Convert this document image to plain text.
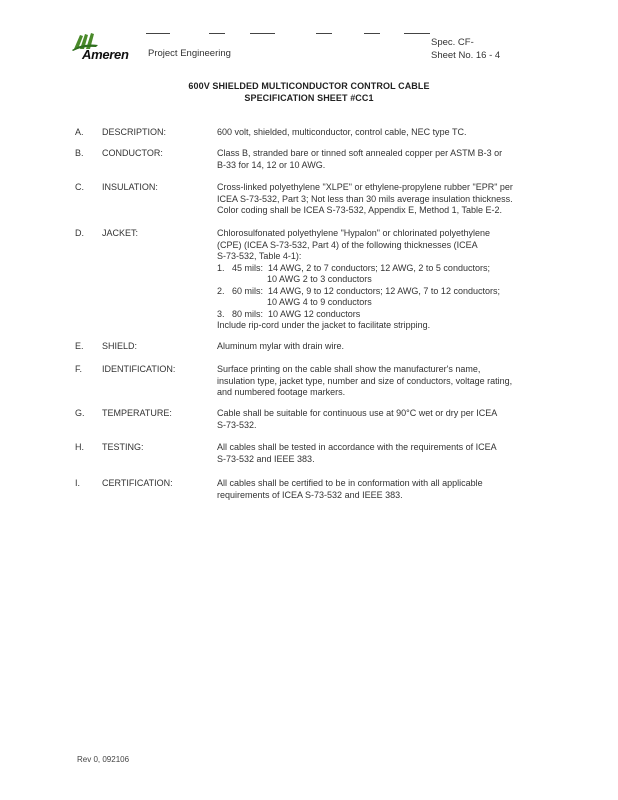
Ameren Project Engineering
Spec. CF-
Sheet No. 16 - 4
600V SHIELDED MULTICONDUCTOR CONTROL CABLE
SPECIFICATION SHEET #CC1
A. DESCRIPTION:	600 volt, shielded, multiconductor, control cable, NEC type TC.
B. CONDUCTOR:	Class B, stranded bare or tinned soft annealed copper per ASTM B-3 or
B-33 for 14, 12 or 10 AWG.
C. INSULATION:	Cross-linked polyethylene "XLPE" or ethylene-propylene rubber "EPR" per
ICEA S-73-532, Part 3; Not less than 30 mils average insulation thickness.
Color coding shall be ICEA S-73-532, Appendix E, Method 1, Table E-2.
D. JACKET:	Chlorosulfonated polyethylene "Hypalon" or chlorinated polyethylene
(CPE) (ICEA S-73-532, Part 4) of the following thicknesses (ICEA
S-73-532, Table 4-1):
1.   45 mils:  14 AWG, 2 to 7 conductors; 12 AWG, 2 to 5 conductors;
10 AWG 2 to 3 conductors
2.   60 mils:  14 AWG, 9 to 12 conductors; 12 AWG, 7 to 12 conductors;
10 AWG 4 to 9 conductors
3.   80 mils:  10 AWG 12 conductors
Include rip-cord under the jacket to facilitate stripping.
E. SHIELD:	Aluminum mylar with drain wire.
F. IDENTIFICATION:	Surface printing on the cable shall show the manufacturer's name,
insulation type, jacket type, number and size of conductors, voltage rating,
and numbered footage markers.
G. TEMPERATURE:	Cable shall be suitable for continuous use at 90°C wet or dry per ICEA
S-73-532.
H. TESTING:	All cables shall be tested in accordance with the requirements of ICEA
S-73-532 and IEEE 383.
I. CERTIFICATION:	All cables shall be certified to be in conformation with all applicable
requirements of ICEA S-73-532 and IEEE 383.
Rev 0, 092106
